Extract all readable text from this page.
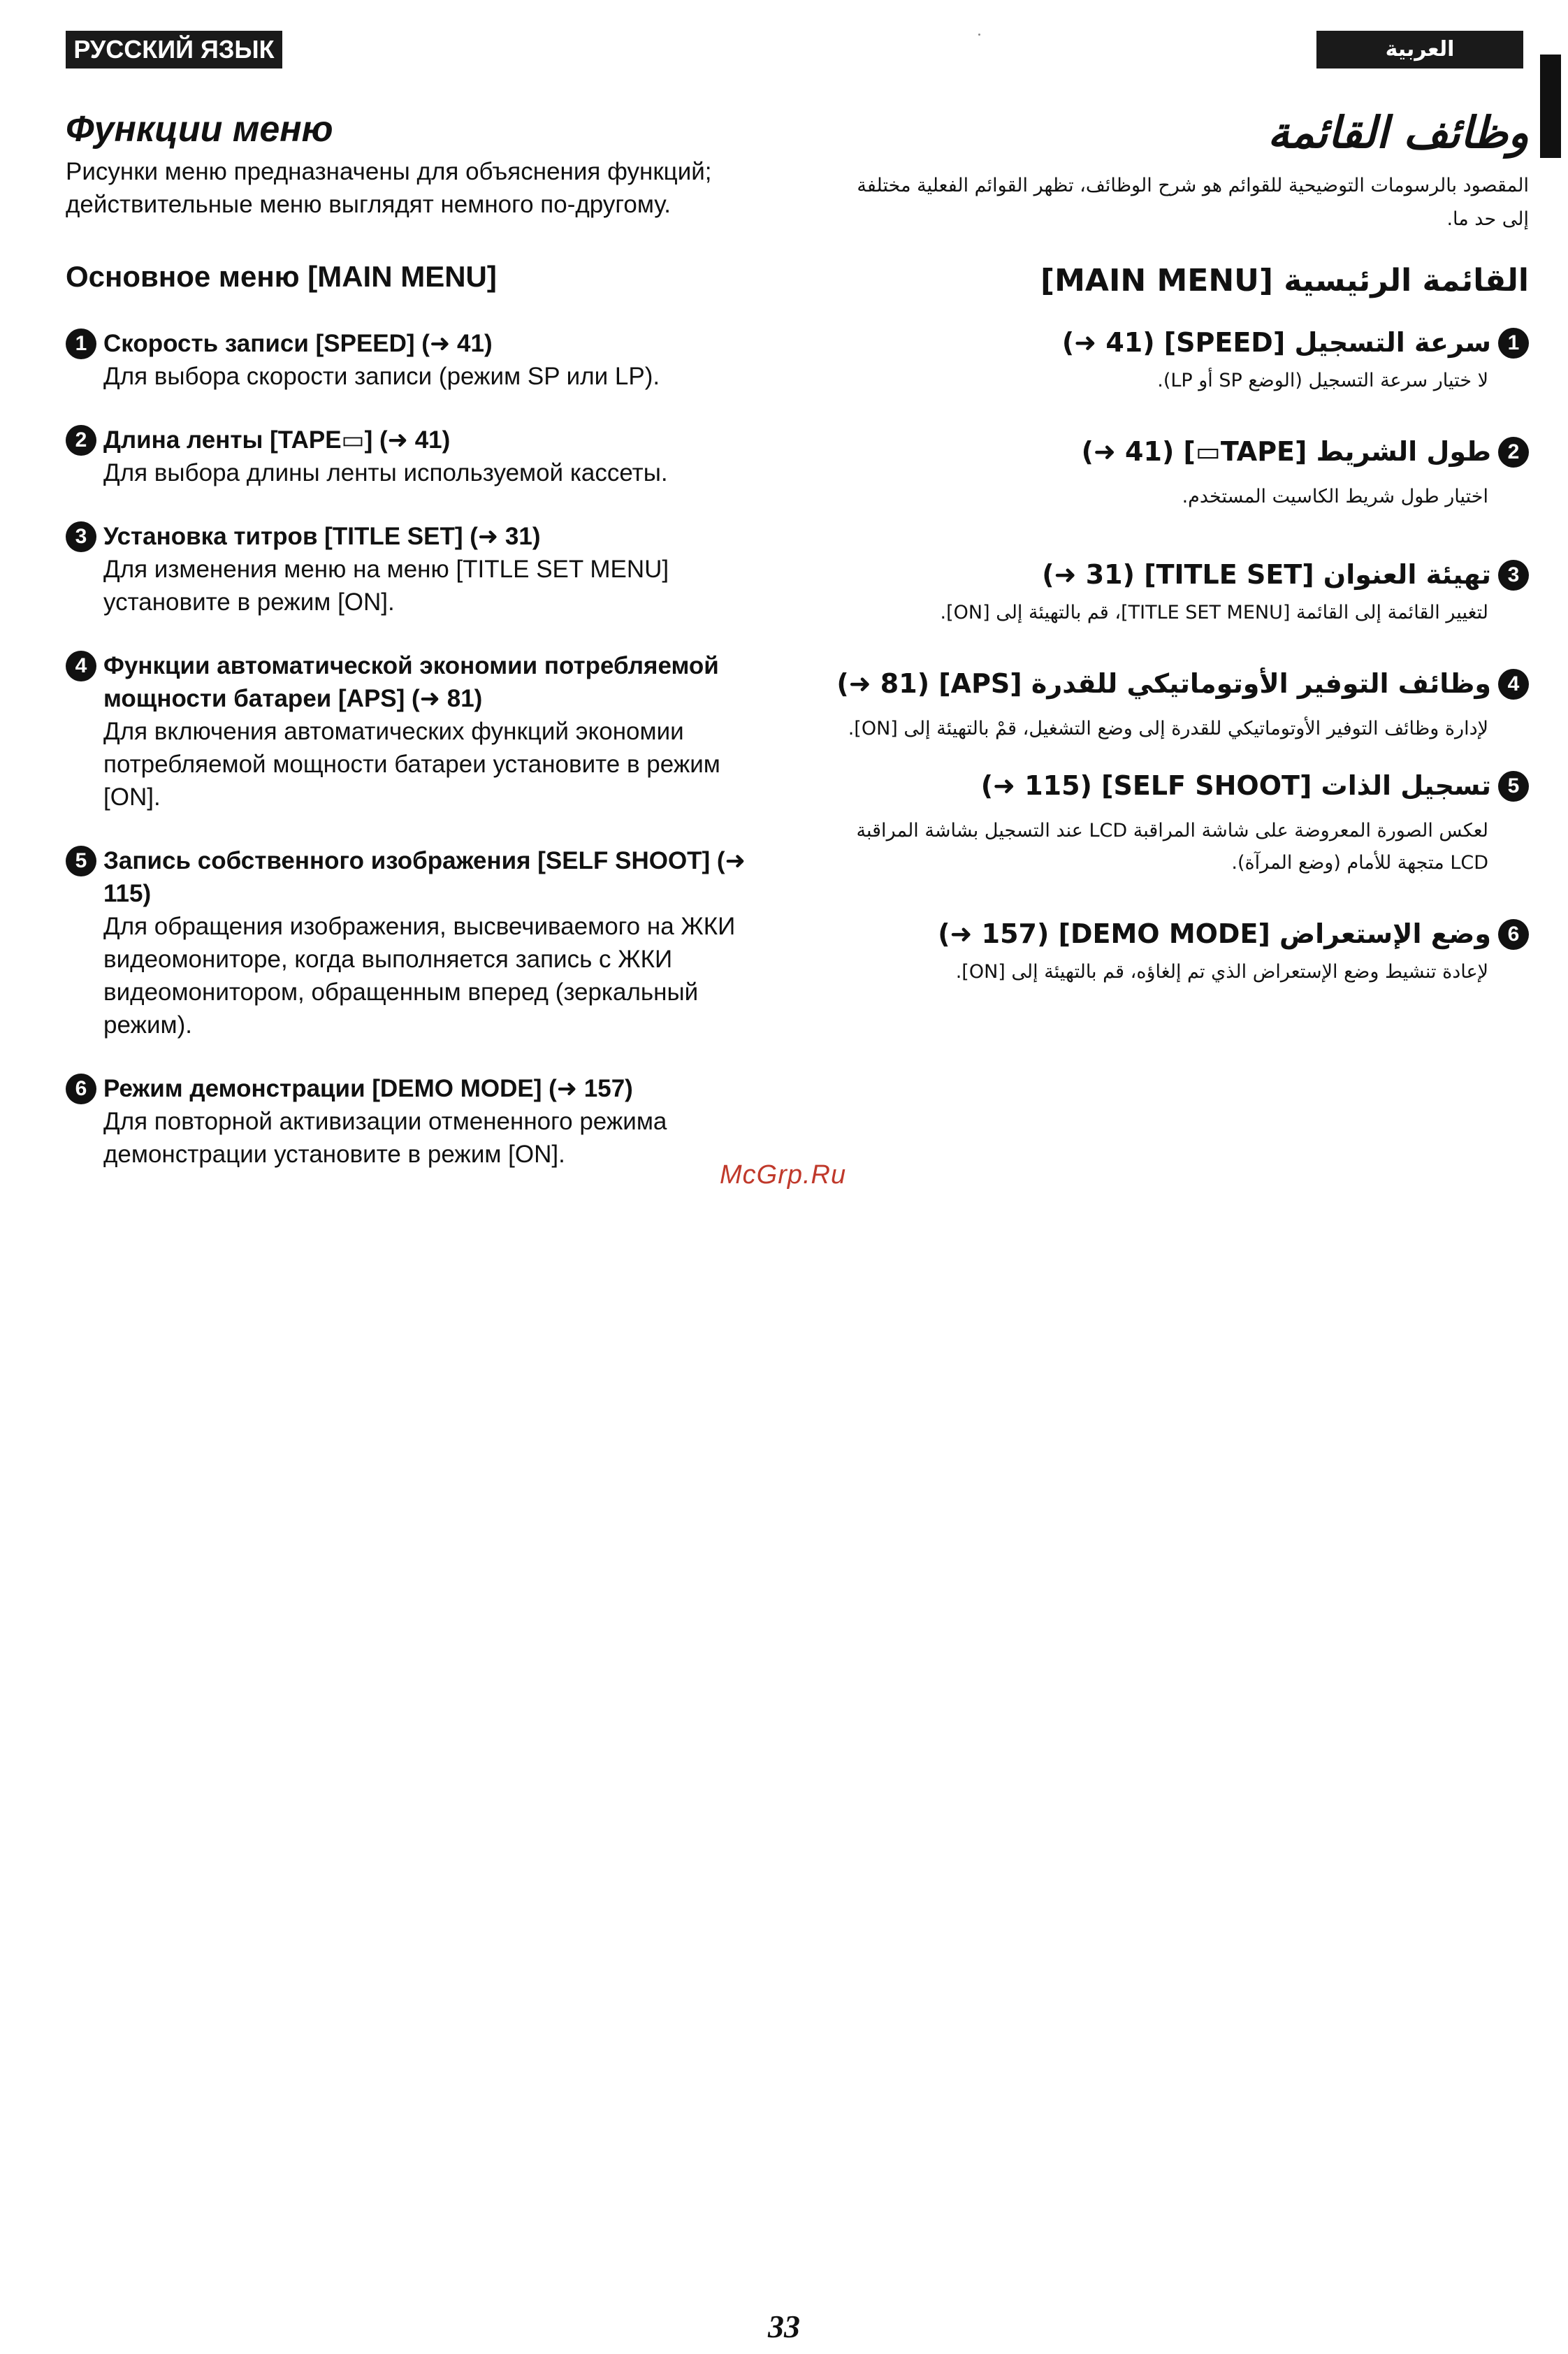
РУССКИЙ ЯЗЫК	العربية
Функции меню

Рисунки меню предназначены для объяснения функций; действительные меню выглядят немного по-другому.

Основное меню [MAIN MENU]
1 Скорость записи [SPEED] (➜ 41)
Для выбора скорости записи (режим SP или LP).
2 Длина ленты [TAPE▭] (➜ 41)
Для выбора длины ленты используемой кассеты.
3 Установка титров [TITLE SET] (➜ 31)
Для изменения меню на меню [TITLE SET MENU] установите в режим [ON].
4 Функции автоматической экономии потребляемой мощности батареи [APS] (➜ 81)
Для включения автоматических функций экономии потребляемой мощности батареи установите в режим [ON].
5 Запись собственного изображения [SELF SHOOT] (➜ 115)
Для обращения изображения, высвечиваемого на ЖКИ видеомониторе, когда выполняется запись с ЖКИ видеомонитором, обращенным вперед (зеркальный режим).
6 Режим демонстрации [DEMO MODE] (➜ 157)
Для повторной активизации отмененного режима демонстрации установите в режим [ON].
وظائف القائمة

المقصود بالرسومات التوضيحية للقوائم هو شرح الوظائف، تظهر القوائم الفعلية مختلفة إلى حد ما.

القائمة الرئيسية [MAIN MENU]
1
سرعة التسجيل [SPEED] (41 ➜)
لا ختيار سرعة التسجيل (الوضع SP أو LP).
2
طول الشريط [TAPE▭] (41 ➜)
اختيار طول شريط الكاسيت المستخدم.
3
تهيئة العنوان [TITLE SET] (31 ➜)
لتغيير القائمة إلى القائمة [TITLE SET MENU]، قم بالتهيئة إلى [ON].
4
وظائف التوفير الأوتوماتيكي للقدرة [APS] (81 ➜)
لإدارة وظائف التوفير الأوتوماتيكي للقدرة إلى وضع التشغيل، قمْ بالتهيئة إلى [ON].
5
تسجيل الذات [SELF SHOOT] (115 ➜)
لعكس الصورة المعروضة على شاشة المراقبة LCD عند التسجيل بشاشة المراقبة LCD متجهة للأمام (وضع المرآة).
6
وضع الإستعراض [DEMO MODE] (157 ➜)
لإعادة تنشيط وضع الإستعراض الذي تم إلغاؤه، قم بالتهيئة إلى [ON].
McGrp.Ru
33
